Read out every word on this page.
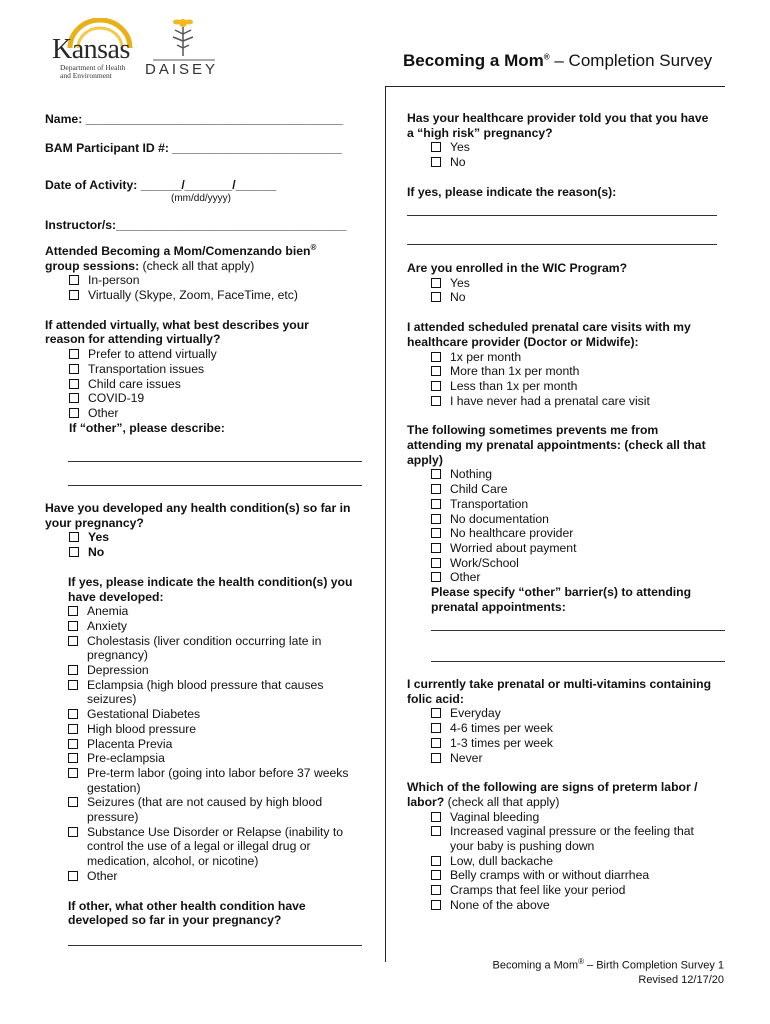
Kansas
Department of Health
and Environment DAISEY	Becoming a Mom® – Completion Survey
Name: ______________________________________
BAM Participant ID #: _________________________
Date of Activity: ______/_______/______
(mm/dd/yyyy)
Instructor/s:__________________________________
Attended Becoming a Mom/Comenzando bien®
group sessions: (check all that apply)
In-person
Virtually (Skype, Zoom, FaceTime, etc)
If attended virtually, what best describes your
reason for attending virtually?
Prefer to attend virtually
Transportation issues
Child care issues
COVID-19
Other
If “other”, please describe:
Have you developed any health condition(s) so far in
your pregnancy?
Yes
No
If yes, please indicate the health condition(s) you
have developed:
Anemia
Anxiety
Cholestasis (liver condition occurring late in
pregnancy)
Depression
Eclampsia (high blood pressure that causes
seizures)
Gestational Diabetes
High blood pressure
Placenta Previa
Pre-eclampsia
Pre-term labor (going into labor before 37 weeks
gestation)
Seizures (that are not caused by high blood
pressure)
Substance Use Disorder or Relapse (inability to
control the use of a legal or illegal drug or
medication, alcohol, or nicotine)
Other
If other, what other health condition have
developed so far in your pregnancy?
Has your healthcare provider told you that you have
a “high risk” pregnancy?
Yes
No
If yes, please indicate the reason(s):
Are you enrolled in the WIC Program?
Yes
No
I attended scheduled prenatal care visits with my
healthcare provider (Doctor or Midwife):
1x per month
More than 1x per month
Less than 1x per month
I have never had a prenatal care visit
The following sometimes prevents me from
attending my prenatal appointments: (check all that
apply)
Nothing
Child Care
Transportation
No documentation
No healthcare provider
Worried about payment
Work/School
Other
Please specify “other” barrier(s) to attending
prenatal appointments:
I currently take prenatal or multi-vitamins containing
folic acid:
Everyday
4-6 times per week
1-3 times per week
Never
Which of the following are signs of preterm labor /
labor? (check all that apply)
Vaginal bleeding
Increased vaginal pressure or the feeling that
your baby is pushing down
Low, dull backache
Belly cramps with or without diarrhea
Cramps that feel like your period
None of the above
Becoming a Mom® – Birth Completion Survey 1
Revised 12/17/20
